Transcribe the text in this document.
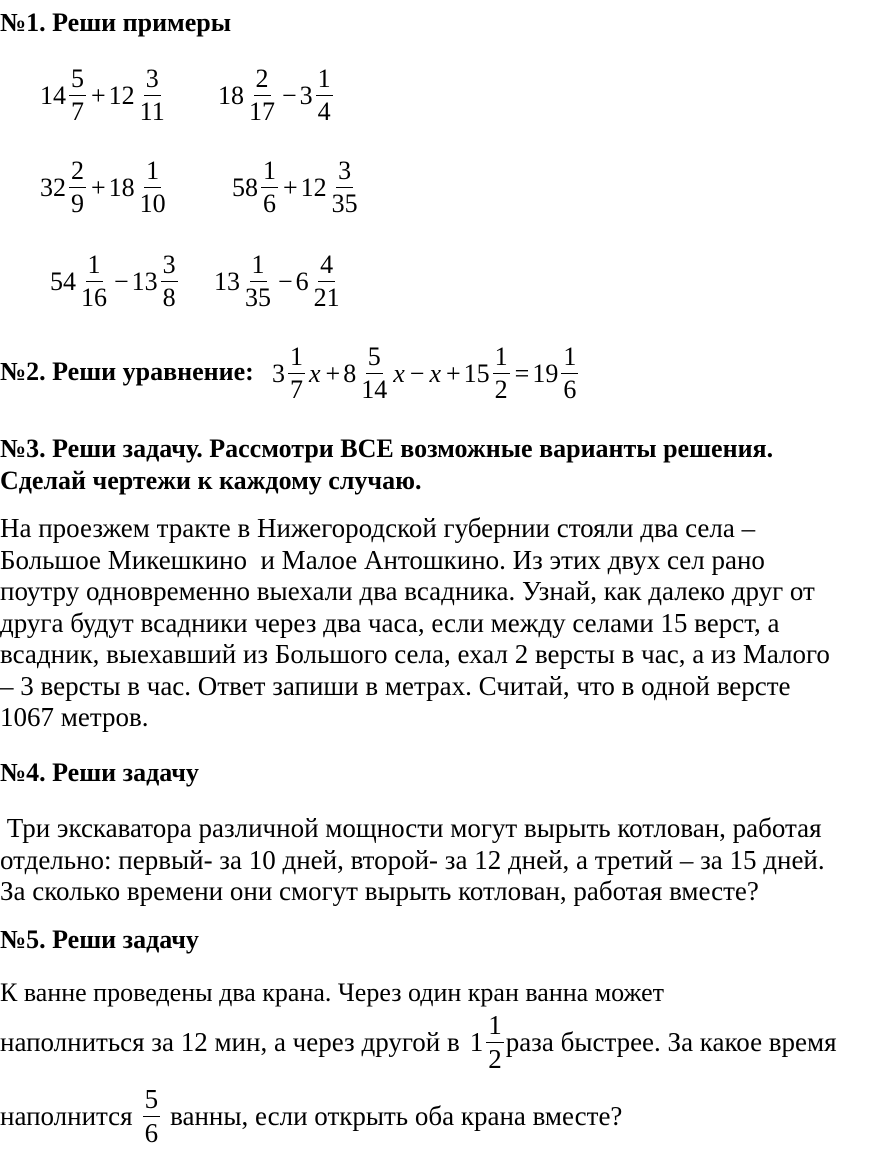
№1. Реши примеры
$14 \frac{5}{7} + 12 \frac{3}{11} 18 \frac{2}{17} - 3 \frac{1}{4}$
$32 \frac{2}{9} + 18 \frac{1}{10} 58 \frac{1}{6} + 12 \frac{3}{35}$
$54 \frac{1}{16} - 13 \frac{3}{8} 13 \frac{1}{35} - 6 \frac{4}{21}$
№2. Реши уравнение: $3 \frac{1}{7}$ $x + 8 \frac{5}{14}$ $x - x + 15 \frac{1}{2} = 19 \frac{1}{6}$
№3. Реши задачу. Рассмотри ВСЕ возможные варианты решения.
Сделай чертежи к каждому случаю.
На проезжем тракте в Нижегородской губернии стояли два села –
Большое Микешкино  и Малое Антошкино. Из этих двух сел рано
поутру одновременно выехали два всадника. Узнай, как далеко друг от
друга будут всадники через два часа, если между селами 15 верст, а
всадник, выехавший из Большого села, ехал 2 версты в час, а из Малого
– 3 версты в час. Ответ запиши в метрах. Считай, что в одной версте
1067 метров.
№4. Реши задачу
Три экскаватора различной мощности могут вырыть котлован, работая
отдельно: первый- за 10 дней, второй- за 12 дней, а третий – за 15 дней.
За сколько времени они смогут вырыть котлован, работая вместе?
№5. Реши задачу
К ванне проведены два крана. Через один кран ванна может
наполниться за 12 мин, а через другой в $1 \frac{1}{2}$ раза быстрее. За какое время
наполнится $\frac{5}{6}$ ванны, если открыть оба крана вместе?
